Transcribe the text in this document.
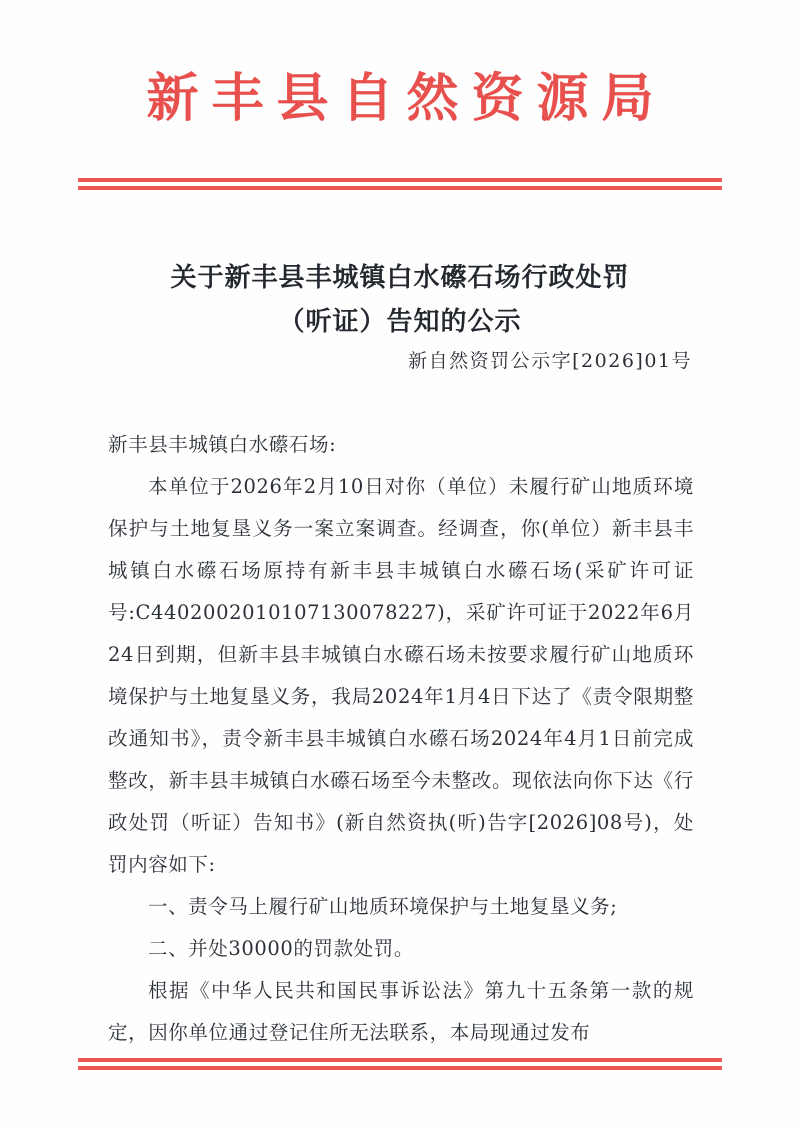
新丰县自然资源局
关于新丰县丰城镇白水礤石场行政处罚
（听证）告知的公示
新自然资罚公示字[2026]01号

新丰县丰城镇白水礤石场:

本单位于2026年2月10日对你（单位）未履行矿山地质环境保护与土地复垦义务一案立案调查。经调查，你(单位）新丰县丰城镇白水礤石场原持有新丰县丰城镇白水礤石场(采矿许可证号:C4402002010107130078227)，采矿许可证于2022年6月24日到期，但新丰县丰城镇白水礤石场未按要求履行矿山地质环境保护与土地复垦义务，我局2024年1月4日下达了《责令限期整改通知书》，责令新丰县丰城镇白水礤石场2024年4月1日前完成整改，新丰县丰城镇白水礤石场至今未整改。现依法向你下达《行政处罚（听证）告知书》(新自然资执(听)告字[2026]08号)，处罚内容如下:

一、责令马上履行矿山地质环境保护与土地复垦义务;

二、并处30000的罚款处罚。

根据《中华人民共和国民事诉讼法》第九十五条第一款的规定，因你单位通过登记住所无法联系，本局现通过发布
